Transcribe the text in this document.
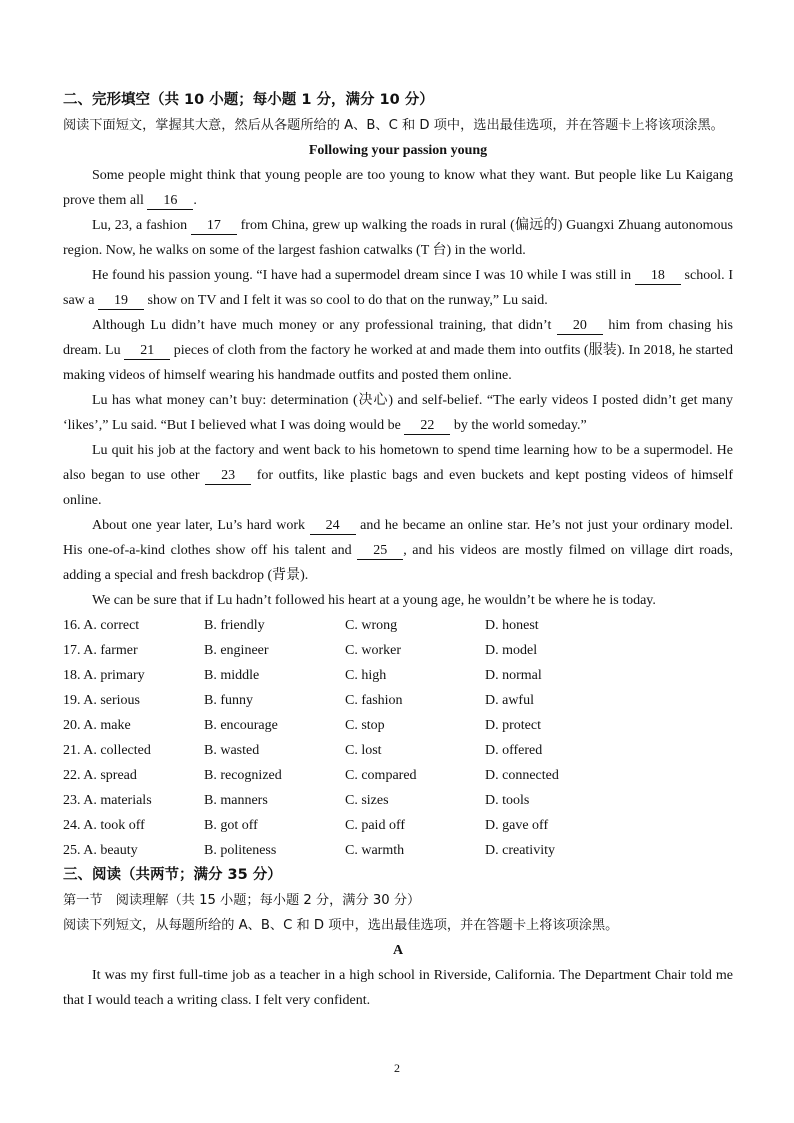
二、完形填空（共 10 小题；每小题 1 分，满分 10 分）
阅读下面短文，掌握其大意，然后从各题所给的 A、B、C 和 D 项中，选出最佳选项，并在答题卡上将该项涂黑。
Following your passion young

Some people might think that young people are too young to know what they want. But people like Lu Kaigang prove them all 16 .

Lu, 23, a fashion 17 from China, grew up walking the roads in rural (偏远的) Guangxi Zhuang autonomous region. Now, he walks on some of the largest fashion catwalks (T 台) in the world.

He found his passion young. “I have had a supermodel dream since I was 10 while I was still in 18 school. I saw a 19 show on TV and I felt it was so cool to do that on the runway,” Lu said.

Although Lu didn’t have much money or any professional training, that didn’t 20 him from chasing his dream. Lu 21 pieces of cloth from the factory he worked at and made them into outfits (服装). In 2018, he started making videos of himself wearing his handmade outfits and posted them online.

Lu has what money can’t buy: determination (决心) and self-belief. “The early videos I posted didn’t get many ‘likes’,” Lu said. “But I believed what I was doing would be 22 by the world someday.”

Lu quit his job at the factory and went back to his hometown to spend time learning how to be a supermodel. He also began to use other 23 for outfits, like plastic bags and even buckets and kept posting videos of himself online.

About one year later, Lu’s hard work 24 and he became an online star. He’s not just your ordinary model. His one-of-a-kind clothes show off his talent and 25 , and his videos are mostly filmed on village dirt roads, adding a special and fresh backdrop (背景).

We can be sure that if Lu hadn’t followed his heart at a young age, he wouldn’t be where he is today.

16. A. correct	B. friendly	C. wrong	D. honest
17. A. farmer	B. engineer	C. worker	D. model
18. A. primary	B. middle	C. high	D. normal
19. A. serious	B. funny	C. fashion	D. awful
20. A. make	B. encourage	C. stop	D. protect
21. A. collected	B. wasted	C. lost	D. offered
22. A. spread	B. recognized	C. compared	D. connected
23. A. materials	B. manners	C. sizes	D. tools
24. A. took off	B. got off	C. paid off	D. gave off
25. A. beauty	B. politeness	C. warmth	D. creativity
三、阅读（共两节；满分 35 分）
第一节　阅读理解（共 15 小题；每小题 2 分，满分 30 分）
阅读下列短文，从每题所给的 A、B、C 和 D 项中，选出最佳选项，并在答题卡上将该项涂黑。
A

It was my first full-time job as a teacher in a high school in Riverside, California. The Department Chair told me that I would teach a writing class. I felt very confident.

2
